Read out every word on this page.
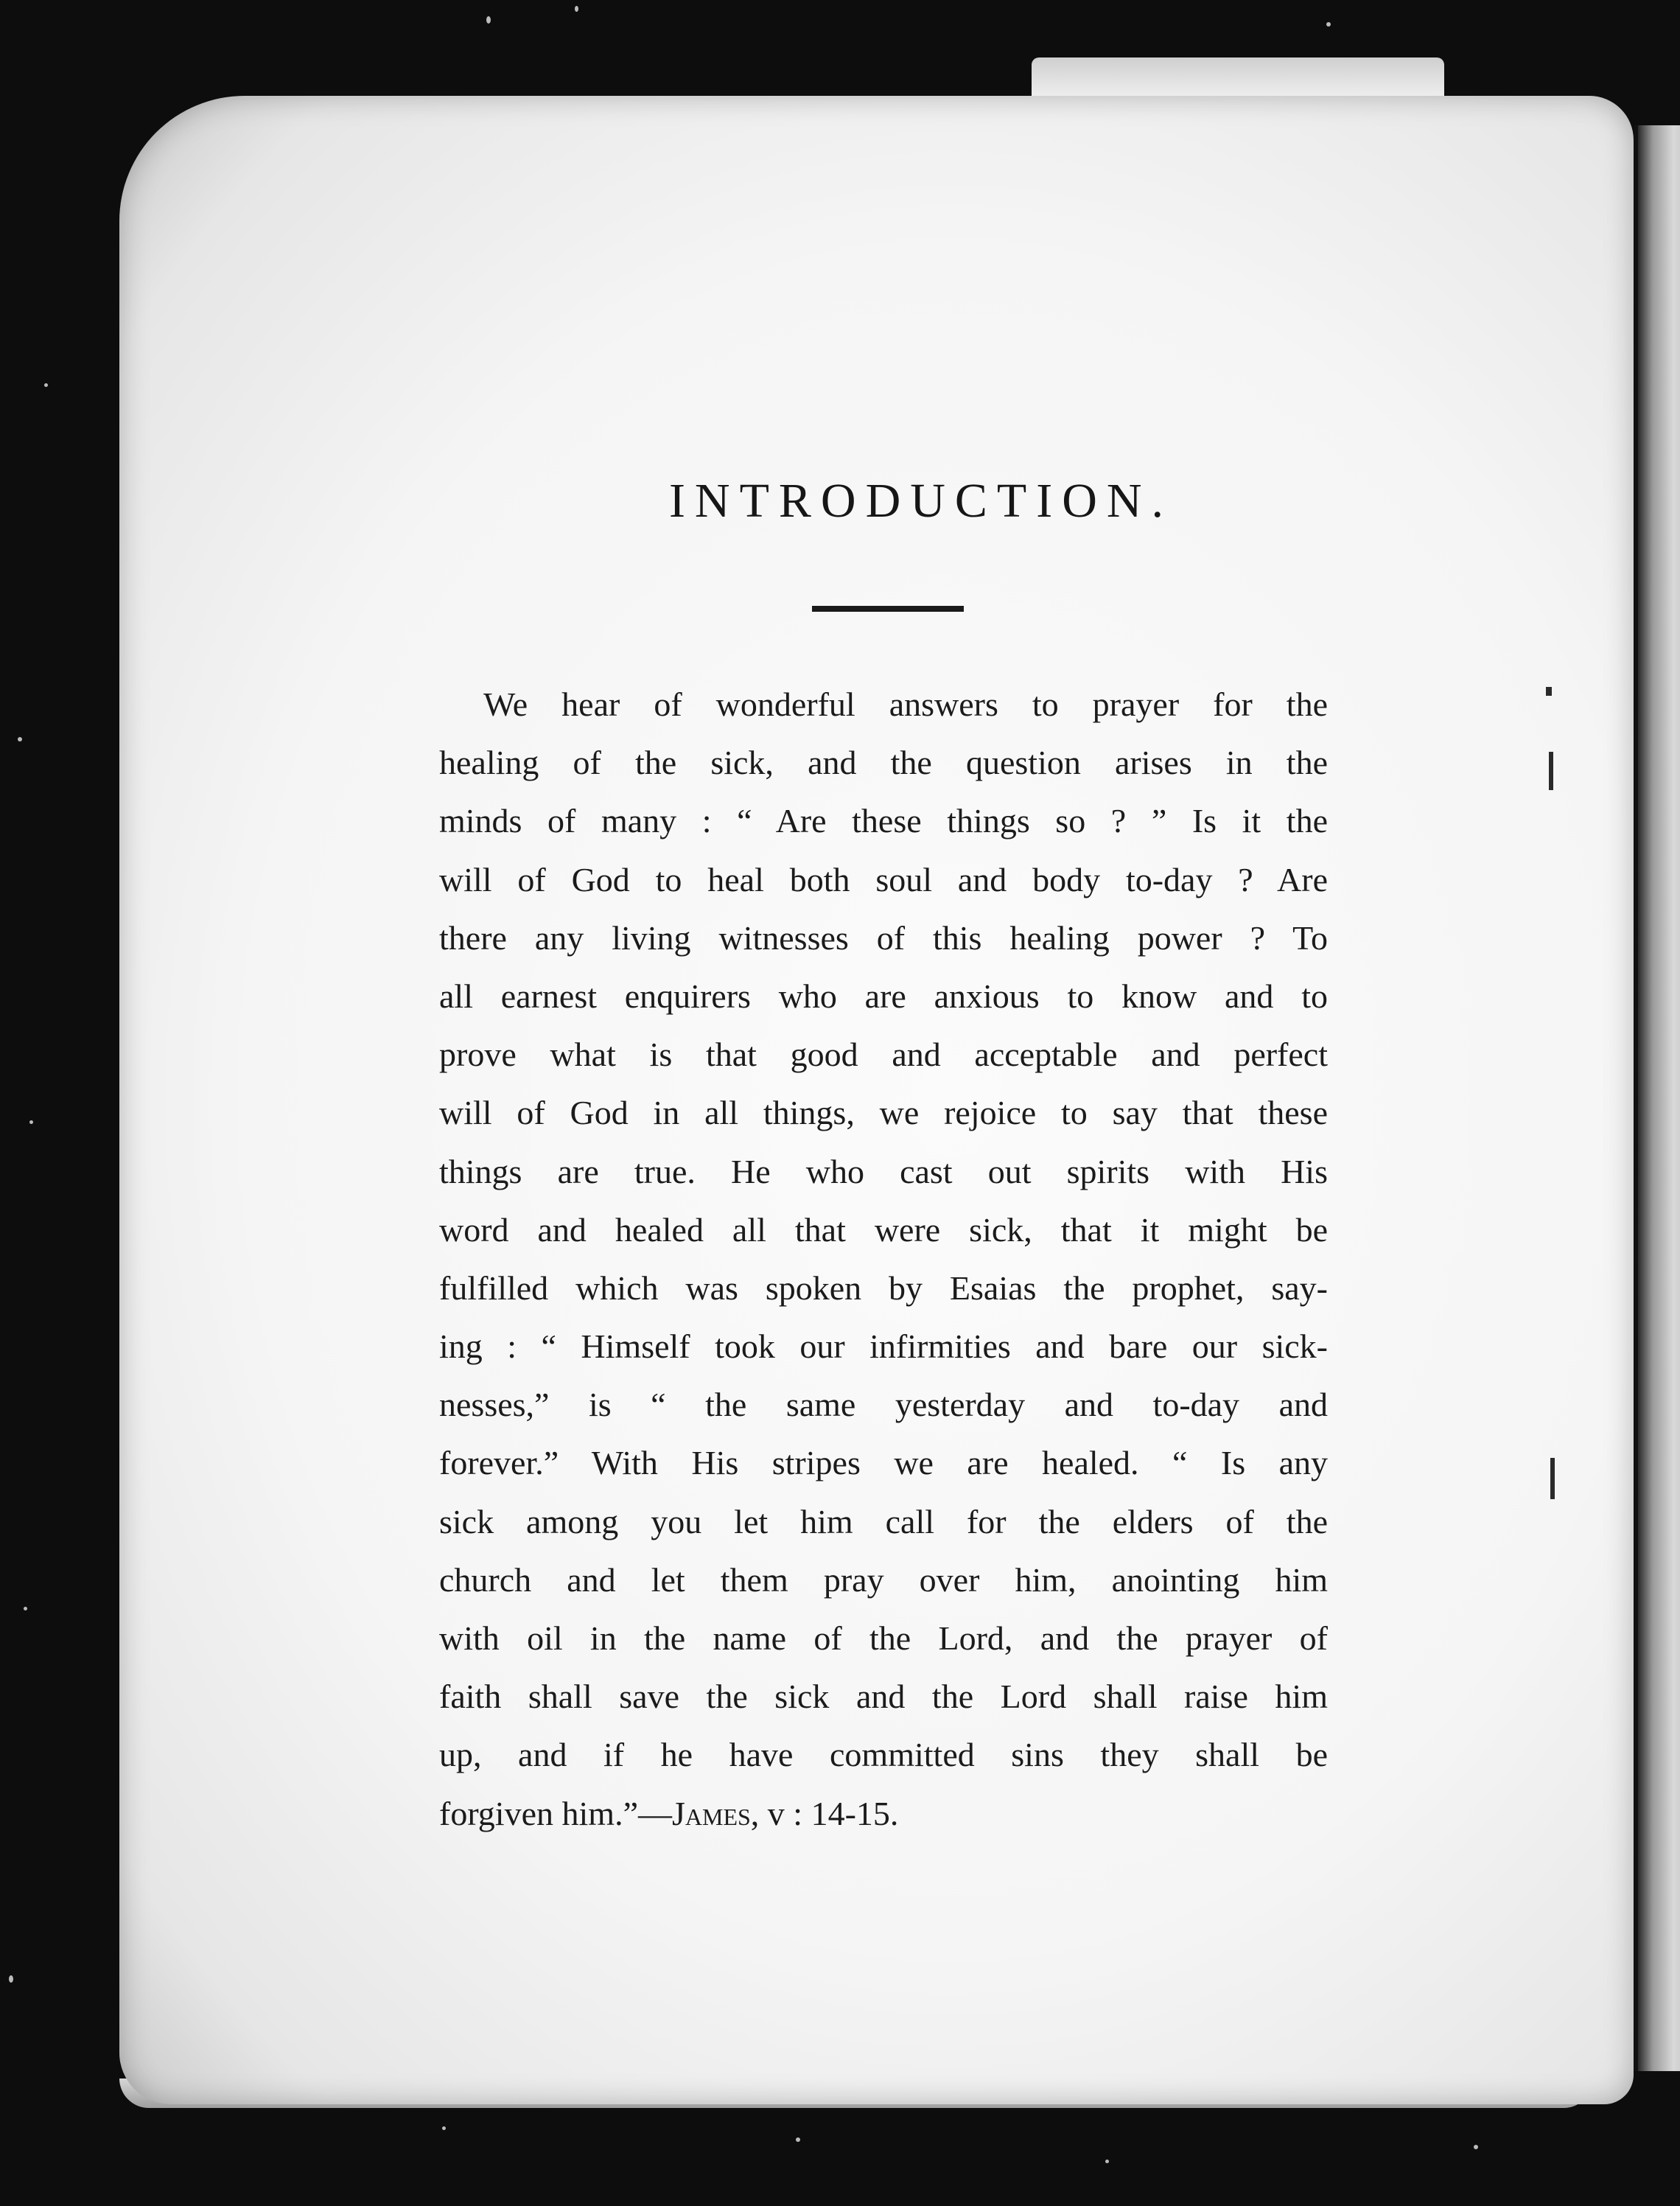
INTRODUCTION.
We hear of wonderful answers to prayer for the
healing of the sick, and the question arises in the
minds of many : “ Are these things so ? ” Is it the
will of God to heal both soul and body to-day ? Are
there any living witnesses of this healing power ? To
all earnest enquirers who are anxious to know and to
prove what is that good and acceptable and perfect
will of God in all things, we rejoice to say that these
things are true. He who cast out spirits with His
word and healed all that were sick, that it might be
fulfilled which was spoken by Esaias the prophet, say-
ing : “ Himself took our infirmities and bare our sick-
nesses,” is “ the same yesterday and to-day and
forever.” With His stripes we are healed. “ Is any
sick among you let him call for the elders of the
church and let them pray over him, anointing him
with oil in the name of the Lord, and the prayer of
faith shall save the sick and the Lord shall raise him
up, and if he have committed sins they shall be
forgiven him.”—James, v : 14-15.
